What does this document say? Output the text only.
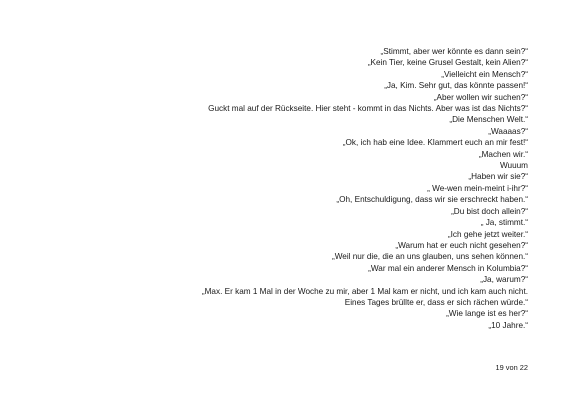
„Stimmt, aber wer könnte es dann sein?“
„Kein Tier, keine Grusel Gestalt, kein Alien?“
„Vielleicht ein Mensch?“
„Ja, Kim. Sehr gut, das könnte passen!“
„Aber wollen wir suchen?“
Guckt mal auf der Rückseite. Hier steht - kommt in das Nichts. Aber was ist das Nichts?“
„Die Menschen Welt.“
„Waaaas?“
„Ok, ich hab eine Idee. Klammert euch an mir fest!“
„Machen wir.“
Wuuum
„Haben wir sie?“
„ We-wen mein-meint i-ihr?“
„Oh, Entschuldigung, dass wir sie erschreckt haben.“
„Du bist doch allein?“
„ Ja, stimmt.“
„Ich gehe jetzt weiter.“
„Warum hat er euch nicht gesehen?“
„Weil nur die, die an uns glauben, uns sehen können.“
„War mal ein anderer Mensch in Kolumbia?“
„Ja, warum?“
„Max. Er kam 1 Mal in der Woche zu mir, aber 1 Mal kam er nicht, und ich kam auch nicht.
Eines Tages brüllte er, dass er sich rächen würde.“
„Wie lange ist es her?“
„10 Jahre.“
19 von 22
